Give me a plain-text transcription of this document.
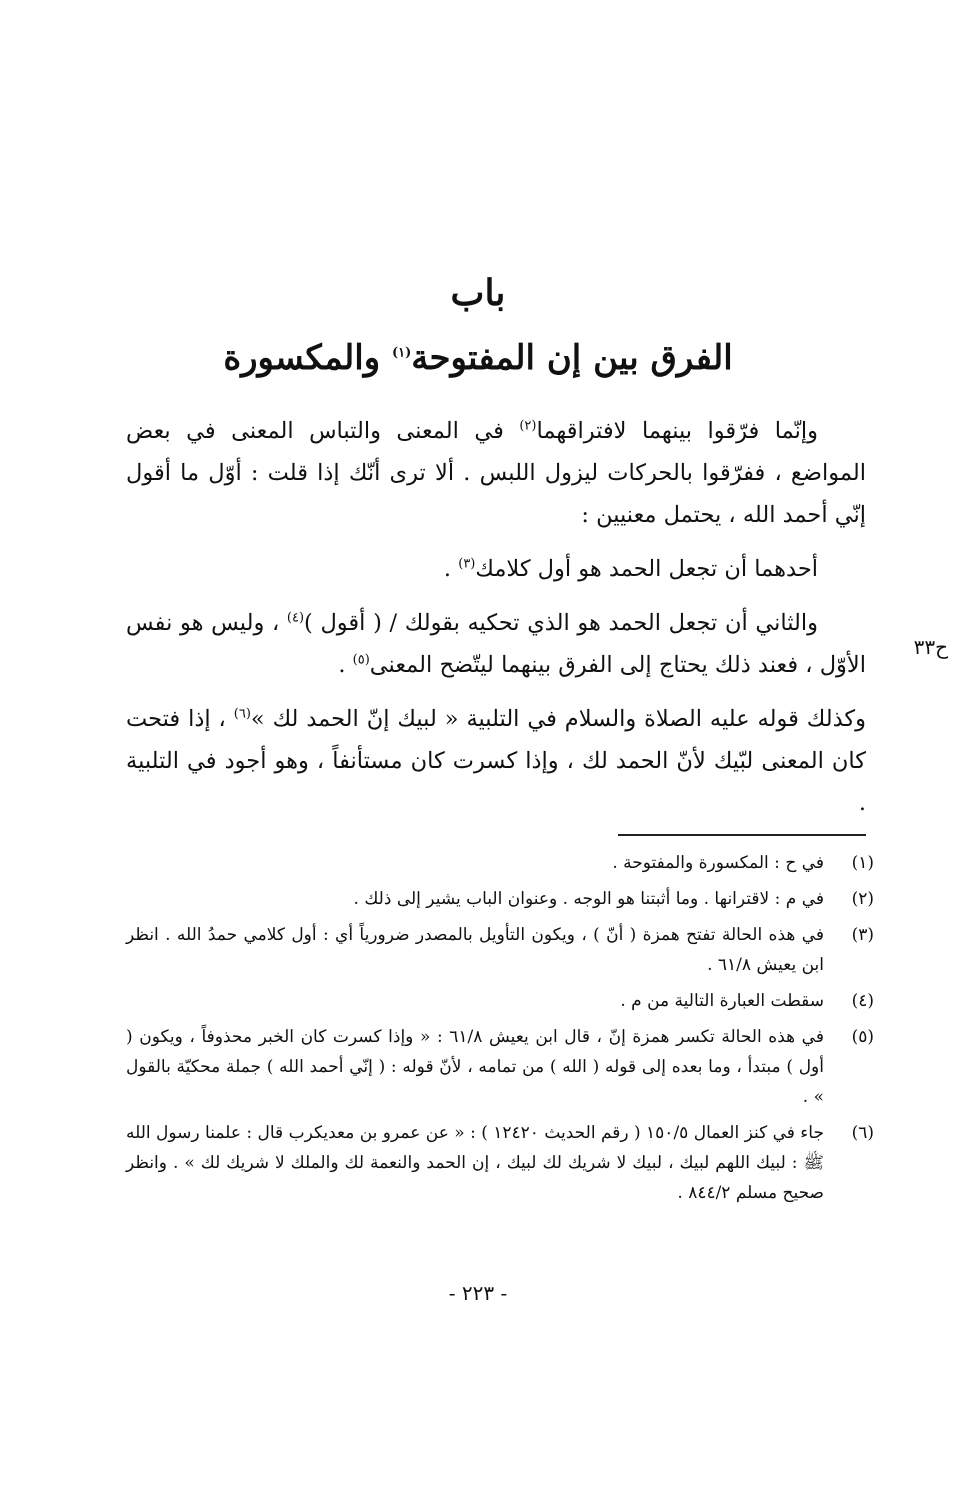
باب
الفرق بين إن المفتوحة$^{(١)}$ والمكسورة

وإنّما فرّقوا بينهما لافتراقهما$^{(٢)}$ في المعنى والتباس المعنى في بعض المواضع ، ففرّقوا بالحركات ليزول اللبس . ألا ترى أنّك إذا قلت : أوّل ما أقول إنّي أحمد الله ، يحتمل معنيين :

أحدهما أن تجعل الحمد هو أول كلامك$^{(٣)}$ .

والثاني أن تجعل الحمد هو الذي تحكيه بقولك / ( أقول )$^{(٤)}$ ، وليس هو نفس الأوّل ، فعند ذلك يحتاج إلى الفرق بينهما ليتّضح المعنى$^{(٥)}$ .

وكذلك قوله عليه الصلاة والسلام في التلبية « لبيك إنّ الحمد لك »$^{(٦)}$ ، إذا فتحت كان المعنى لبّيك لأنّ الحمد لك ، وإذا كسرت كان مستأنفاً ، وهو أجود في التلبية .

ح٣٣
(١)
في ح : المكسورة والمفتوحة .
(٢)
في م : لاقترانها . وما أثبتنا هو الوجه . وعنوان الباب يشير إلى ذلك .
(٣)
في هذه الحالة تفتح همزة ( أنّ ) ، ويكون التأويل بالمصدر ضرورياً أي : أول كلامي حمدُ الله . انظر ابن يعيش ٦١/٨ .
(٤)
سقطت العبارة التالية من م .
(٥)
في هذه الحالة تكسر همزة إنّ ، قال ابن يعيش ٦١/٨ : « وإذا كسرت كان الخبر محذوفاً ، ويكون ( أول ) مبتدأ ، وما بعده إلى قوله ( الله ) من تمامه ، لأنّ قوله : ( إنّي أحمد الله ) جملة محكيّة بالقول » .
(٦)
جاء في كنز العمال ١٥٠/٥ ( رقم الحديث ١٢٤٢٠ ) : « عن عمرو بن معديكرب قال : علمنا رسول الله ﷺ : لبيك اللهم لبيك ، لبيك لا شريك لك لبيك ، إن الحمد والنعمة لك والملك لا شريك لك » . وانظر صحيح مسلم ٨٤٤/٢ .
- ٢٢٣ -
